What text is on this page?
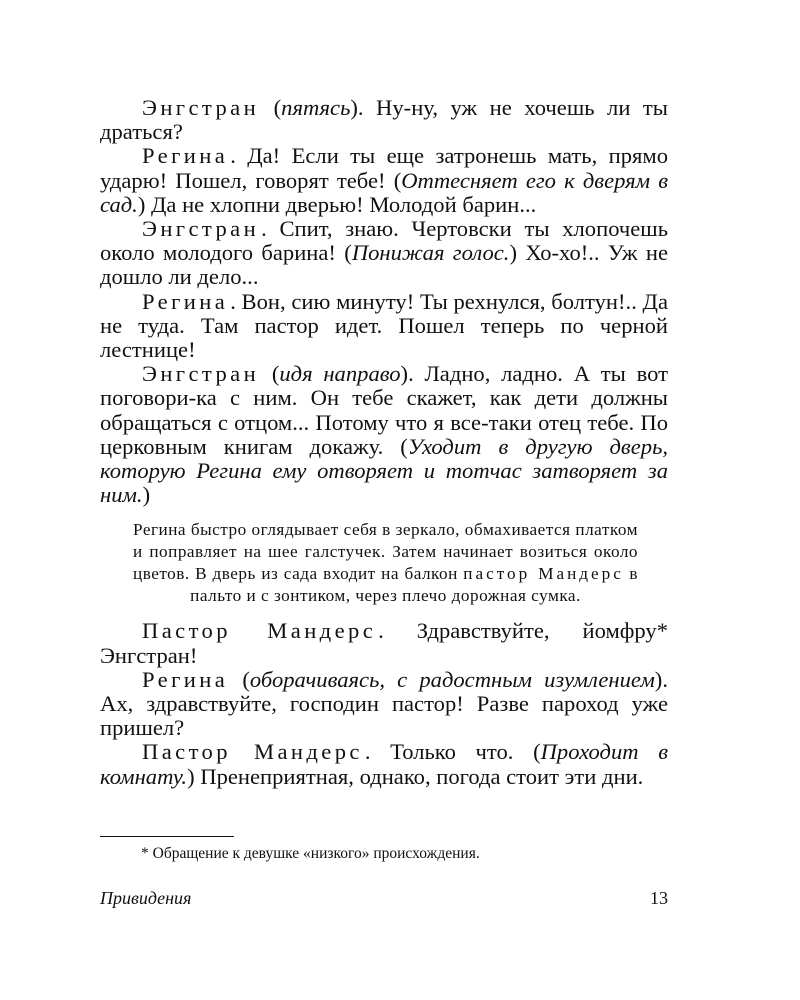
Энгстран (пятясь). Ну-ну, уж не хочешь ли ты драться?

Регина. Да! Если ты еще затронешь мать, прямо ударю! Пошел, говорят тебе! (Оттесняет его к дверям в сад.) Да не хлопни дверью! Молодой барин...

Энгстран. Спит, знаю. Чертовски ты хлопочешь около молодого барина! (Понижая голос.) Хо-хо!.. Уж не дошло ли дело...

Регина. Вон, сию минуту! Ты рехнулся, болтун!.. Да не туда. Там пастор идет. Пошел теперь по черной лестнице!

Энгстран (идя направо). Ладно, ладно. А ты вот поговори-ка с ним. Он тебе скажет, как дети должны обращаться с отцом... Потому что я все-таки отец тебе. По церковным книгам докажу. (Уходит в другую дверь, которую Регина ему отворяет и тотчас затворяет за ним.)

Регина быстро оглядывает себя в зеркало, обмахивается платком и поправляет на шее галстучек. Затем начинает возиться около цветов. В дверь из сада входит на балкон пастор Мандерс в пальто и с зонтиком, через плечо дорожная сумка.

Пастор Мандерс. Здравствуйте, йомфру* Энгстран!

Регина (оборачиваясь, с радостным изумлением). Ах, здравствуйте, господин пастор! Разве пароход уже пришел?

Пастор Мандерс. Только что. (Проходит в комнату.) Пренеприятная, однако, погода стоит эти дни.

* Обращение к девушке «низкого» происхождения.
Привидения	13
